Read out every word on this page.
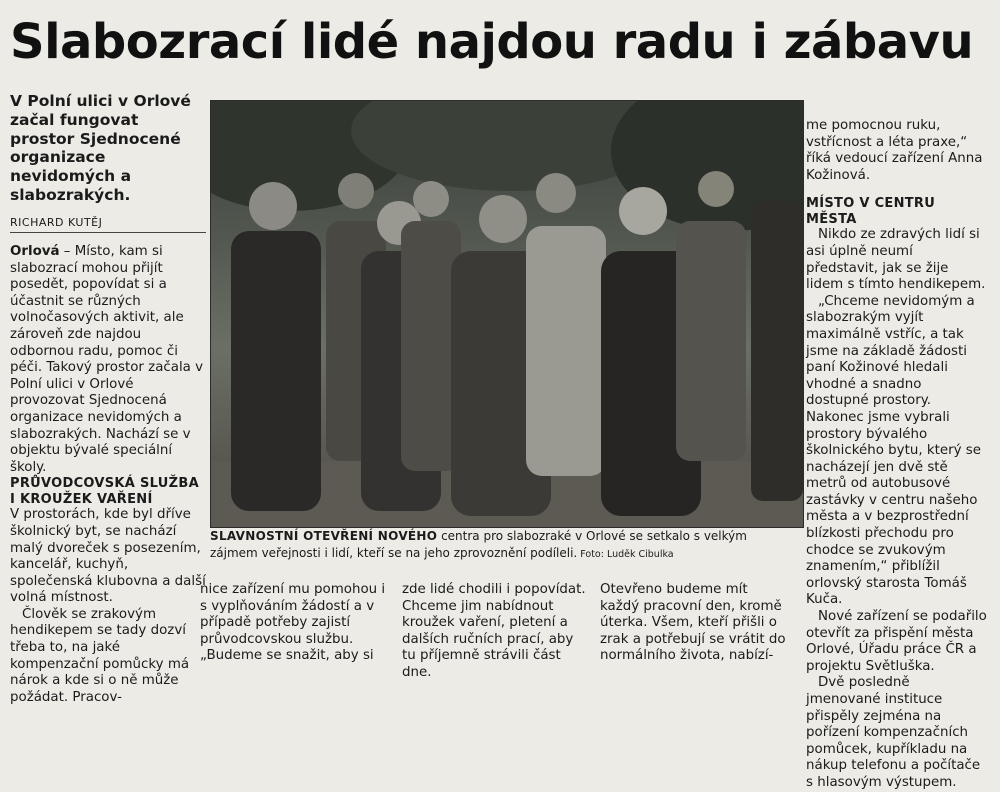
Slabozrací lidé najdou radu i zábavu

V Polní ulici v Orlové začal fungovat prostor Sjednocené organizace nevidomých a slabozrakých.

RICHARD KUTĚJ

Orlová – Místo, kam si slabozrací mohou přijít posedět, popovídat si a účastnit se různých volnočasových aktivit, ale zároveň zde najdou odbornou radu, pomoc či péči. Takový prostor začala v Polní ulici v Orlové provozovat Sjednocená organizace nevidomých a slabozrakých. Nachází se v objektu bývalé speciální školy.

PRŮVODCOVSKÁ SLUŽBA I KROUŽEK VAŘENÍ

V prostorách, kde byl dříve školnický byt, se nachází malý dvoreček s posezením, kancelář, kuchyň, společenská klubovna a další volná místnost.

Člověk se zrakovým hendikepem se tady dozví třeba to, na jaké kompenzační pomůcky má nárok a kde si o ně může požádat. Pracov-

SLAVNOSTNÍ OTEVŘENÍ NOVÉHO centra pro slabozraké v Orlové se setkalo s velkým zájmem veřejnosti i lidí, kteří se na jeho zprovoznění podíleli. Foto: Luděk Cibulka

nice zařízení mu pomohou i s vyplňováním žádostí a v případě potřeby zajistí průvodcovskou službu.
„Budeme se snažit, aby si

zde lidé chodili i popovídat. Chceme jim nabídnout kroužek vaření, pletení a dalších ručních prací, aby tu příjemně strávili část dne.

Otevřeno budeme mít každý pracovní den, kromě úterka. Všem, kteří přišli o zrak a potřebují se vrátit do normálního života, nabízí-

me pomocnou ruku, vstřícnost a léta praxe,“ říká vedoucí zařízení Anna Kožinová.

MÍSTO V CENTRU MĚSTA

Nikdo ze zdravých lidí si asi úplně neumí představit, jak se žije lidem s tímto hendikepem.

„Chceme nevidomým a slabozrakým vyjít maximálně vstříc, a tak jsme na základě žádosti paní Kožinové hledali vhodné a snadno dostupné prostory. Nakonec jsme vybrali prostory bývalého školnického bytu, který se nacházejí jen dvě stě metrů od autobusové zastávky v centru našeho města a v bezprostřední blízkosti přechodu pro chodce se zvukovým znamením,“ přiblížil orlovský starosta Tomáš Kuča.

Nové zařízení se podařilo otevřít za přispění města Orlové, Úřadu práce ČR a projektu Světluška.

Dvě posledně jmenované instituce přispěly zejména na pořízení kompenzačních pomůcek, kupříkladu na nákup telefonu a počítače s hlasovým výstupem.
